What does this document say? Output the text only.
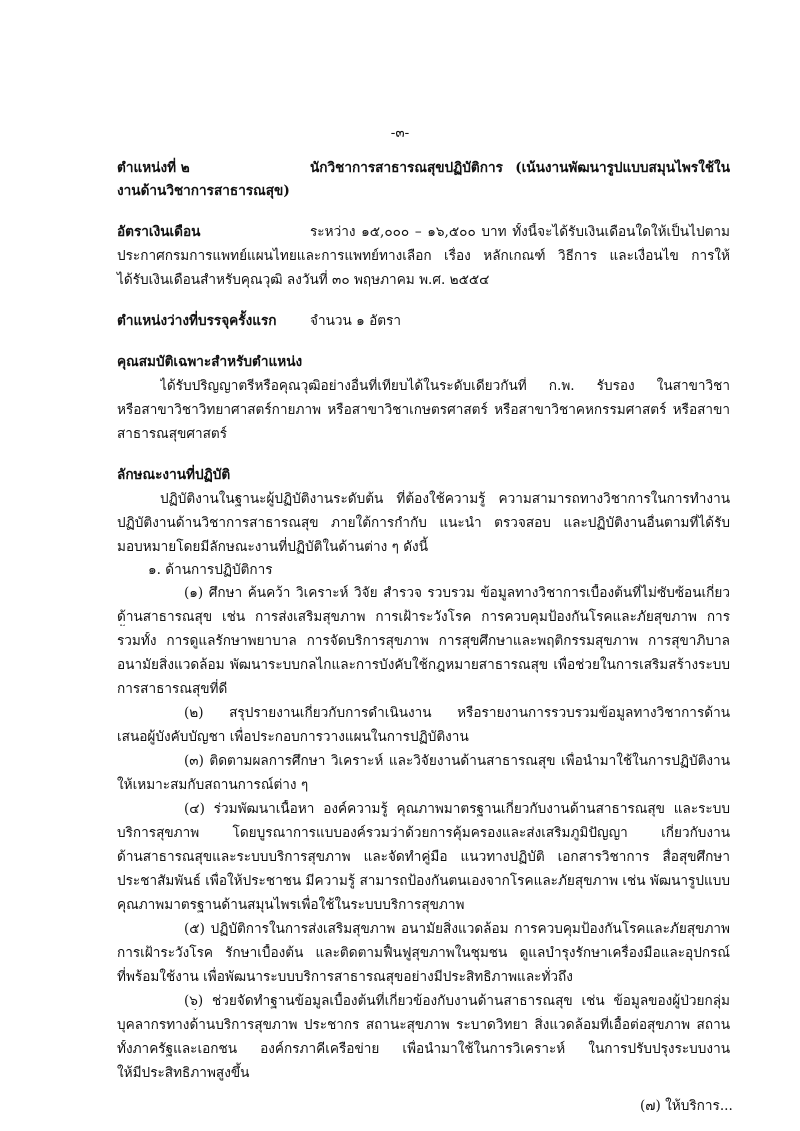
-๓-
ตำแหน่งที่ ๒	นักวิชาการสาธารณสุขปฏิบัติการ (เน้นงานพัฒนารูปแบบสมุนไพรใช้ใน
งานด้านวิชาการสาธารณสุข)
อัตราเงินเดือน	ระหว่าง ๑๕,๐๐๐ – ๑๖,๕๐๐ บาท ทั้งนี้จะได้รับเงินเดือนใดให้เป็นไปตาม
ประกาศกรมการแพทย์แผนไทยและการแพทย์ทางเลือก เรื่อง หลักเกณฑ์ วิธีการ และเงื่อนไข การให้
ได้รับเงินเดือนสำหรับคุณวุฒิ ลงวันที่ ๓๐ พฤษภาคม พ.ศ. ๒๕๕๔
ตำแหน่งว่างที่บรรจุครั้งแรก จำนวน ๑ อัตรา
คุณสมบัติเฉพาะสำหรับตำแหน่ง
ได้รับปริญญาตรีหรือคุณวุฒิอย่างอื่นที่เทียบได้ในระดับเดียวกันที่ ก.พ. รับรอง ในสาขาวิชา
หรือสาขาวิชาวิทยาศาสตร์กายภาพ หรือสาขาวิชาเกษตรศาสตร์ หรือสาขาวิชาคหกรรมศาสตร์ หรือสาขา
สาธารณสุขศาสตร์
ลักษณะงานที่ปฏิบัติ
ปฏิบัติงานในฐานะผู้ปฏิบัติงานระดับต้น ที่ต้องใช้ความรู้ ความสามารถทางวิชาการในการทำงาน
ปฏิบัติงานด้านวิชาการสาธารณสุข ภายใต้การกำกับ แนะนำ ตรวจสอบ และปฏิบัติงานอื่นตามที่ได้รับ
มอบหมายโดยมีลักษณะงานที่ปฏิบัติในด้านต่าง ๆ ดังนี้
๑. ด้านการปฏิบัติการ
(๑) ศึกษา ค้นคว้า วิเคราะห์ วิจัย สำรวจ รวบรวม ข้อมูลทางวิชาการเบื้องต้นที่ไม่ซับซ้อนเกี่ยว
ด้านสาธารณสุข เช่น การส่งเสริมสุขภาพ การเฝ้าระวังโรค การควบคุมป้องกันโรคและภัยสุขภาพ การ
รวมทั้ง การดูแลรักษาพยาบาล การจัดบริการสุขภาพ การสุขศึกษาและพฤติกรรมสุขภาพ การสุขาภิบาล
อนามัยสิ่งแวดล้อม พัฒนาระบบกลไกและการบังคับใช้กฎหมายสาธารณสุข เพื่อช่วยในการเสริมสร้างระบบ
การสาธารณสุขที่ดี
(๒) สรุปรายงานเกี่ยวกับการดำเนินงาน หรือรายงานการรวบรวมข้อมูลทางวิชาการด้าน
เสนอผู้บังคับบัญชา เพื่อประกอบการวางแผนในการปฏิบัติงาน
(๓) ติดตามผลการศึกษา วิเคราะห์ และวิจัยงานด้านสาธารณสุข เพื่อนำมาใช้ในการปฏิบัติงาน
ให้เหมาะสมกับสถานการณ์ต่าง ๆ
(๔) ร่วมพัฒนาเนื้อหา องค์ความรู้ คุณภาพมาตรฐานเกี่ยวกับงานด้านสาธารณสุข และระบบ
บริการสุขภาพ โดยบูรณาการแบบองค์รวมว่าด้วยการคุ้มครองและส่งเสริมภูมิปัญญา เกี่ยวกับงาน
ด้านสาธารณสุขและระบบบริการสุขภาพ และจัดทำคู่มือ แนวทางปฏิบัติ เอกสารวิชาการ สื่อสุขศึกษา
ประชาสัมพันธ์ เพื่อให้ประชาชน มีความรู้ สามารถป้องกันตนเองจากโรคและภัยสุขภาพ เช่น พัฒนารูปแบบ
คุณภาพมาตรฐานด้านสมุนไพรเพื่อใช้ในระบบบริการสุขภาพ
(๕) ปฏิบัติการในการส่งเสริมสุขภาพ อนามัยสิ่งแวดล้อม การควบคุมป้องกันโรคและภัยสุขภาพ
การเฝ้าระวังโรค รักษาเบื้องต้น และติดตามฟื้นฟูสุขภาพในชุมชน ดูแลบำรุงรักษาเครื่องมือและอุปกรณ์
ที่พร้อมใช้งาน เพื่อพัฒนาระบบบริการสาธารณสุขอย่างมีประสิทธิภาพและทั่วถึง
(๖) ช่วยจัดทำฐานข้อมูลเบื้องต้นที่เกี่ยวข้องกับงานด้านสาธารณสุข เช่น ข้อมูลของผู้ป่วยกลุ่ม
บุคลากรทางด้านบริการสุขภาพ ประชากร สถานะสุขภาพ ระบาดวิทยา สิ่งแวดล้อมที่เอื้อต่อสุขภาพ สถาน
ทั้งภาครัฐและเอกชน องค์กรภาคีเครือข่าย เพื่อนำมาใช้ในการวิเคราะห์ ในการปรับปรุงระบบงาน
ให้มีประสิทธิภาพสูงขึ้น
(๗) ให้บริการ...
